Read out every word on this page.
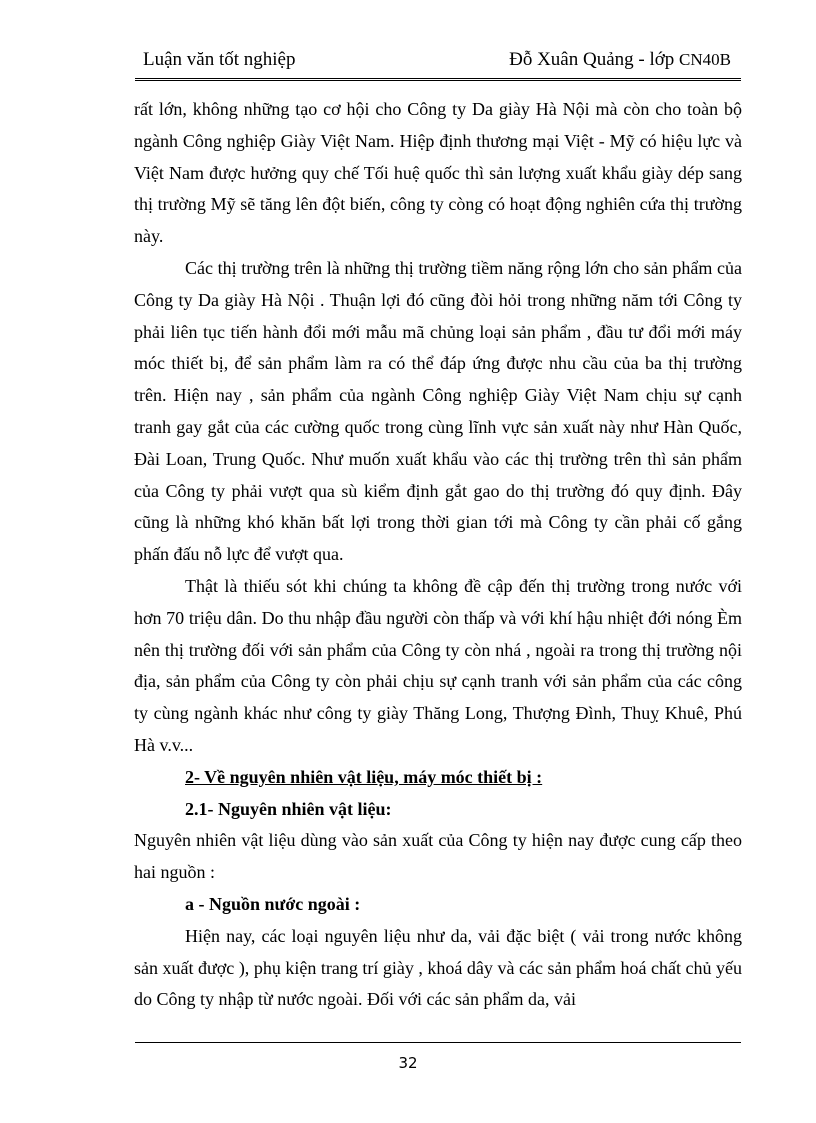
Luận văn tốt nghiệp	Đỗ Xuân Quảng - lớp CN40B

rất lớn, không những tạo cơ hội cho Công ty Da giày Hà Nội mà còn cho toàn bộ ngành Công nghiệp Giày Việt Nam. Hiệp định thương mại Việt - Mỹ có hiệu lực và Việt Nam được hưởng quy chế Tối huệ quốc thì sản lượng xuất khẩu giày dép sang thị trường Mỹ sẽ tăng lên đột biến, công ty còng có hoạt động nghiên cứa thị trường này.

Các thị trường trên là những thị trường tiềm năng rộng lớn cho sản phẩm của Công ty Da giày Hà Nội . Thuận lợi đó cũng đòi hỏi trong những năm tới Công ty phải liên tục tiến hành đổi mới mẫu mã chủng loại sản phẩm , đầu tư đổi mới máy móc thiết bị, để sản phẩm làm ra có thể đáp ứng được nhu cầu của ba thị trường trên. Hiện nay , sản phẩm của ngành Công nghiệp Giày Việt Nam chịu sự cạnh tranh gay gắt của các cường quốc trong cùng lĩnh vực sản xuất này như Hàn Quốc, Đài Loan, Trung Quốc. Như muốn xuất khẩu vào các thị trường trên thì sản phẩm của Công ty phải vượt qua sù kiểm định gắt gao do thị trường đó quy định. Đây cũng là những khó khăn bất lợi trong thời gian tới mà Công ty cần phải cố gắng phấn đấu nỗ lực để vượt qua.

Thật là thiếu sót khi chúng ta không đề cập đến thị trường trong nước với hơn 70 triệu dân. Do thu nhập đầu người còn thấp và với khí hậu nhiệt đới nóng Èm nên thị trường đối với sản phẩm của Công ty còn nhá , ngoài ra trong thị trường nội địa, sản phẩm của Công ty còn phải chịu sự cạnh tranh với sản phẩm của các công ty cùng ngành khác như công ty giày Thăng Long, Thượng Đình, Thuỵ Khuê, Phú Hà v.v...

2- Về nguyên nhiên vật liệu, máy móc thiết bị :

2.1- Nguyên nhiên vật liệu:

Nguyên nhiên vật liệu dùng vào sản xuất của Công ty hiện nay được cung cấp theo hai nguồn :

a - Nguồn nước ngoài :

Hiện nay, các loại nguyên liệu như da, vải đặc biệt ( vải trong nước không sản xuất được ), phụ kiện trang trí giày , khoá dây và các sản phẩm hoá chất chủ yếu do Công ty nhập từ nước ngoài. Đối với các sản phẩm da, vải

32
